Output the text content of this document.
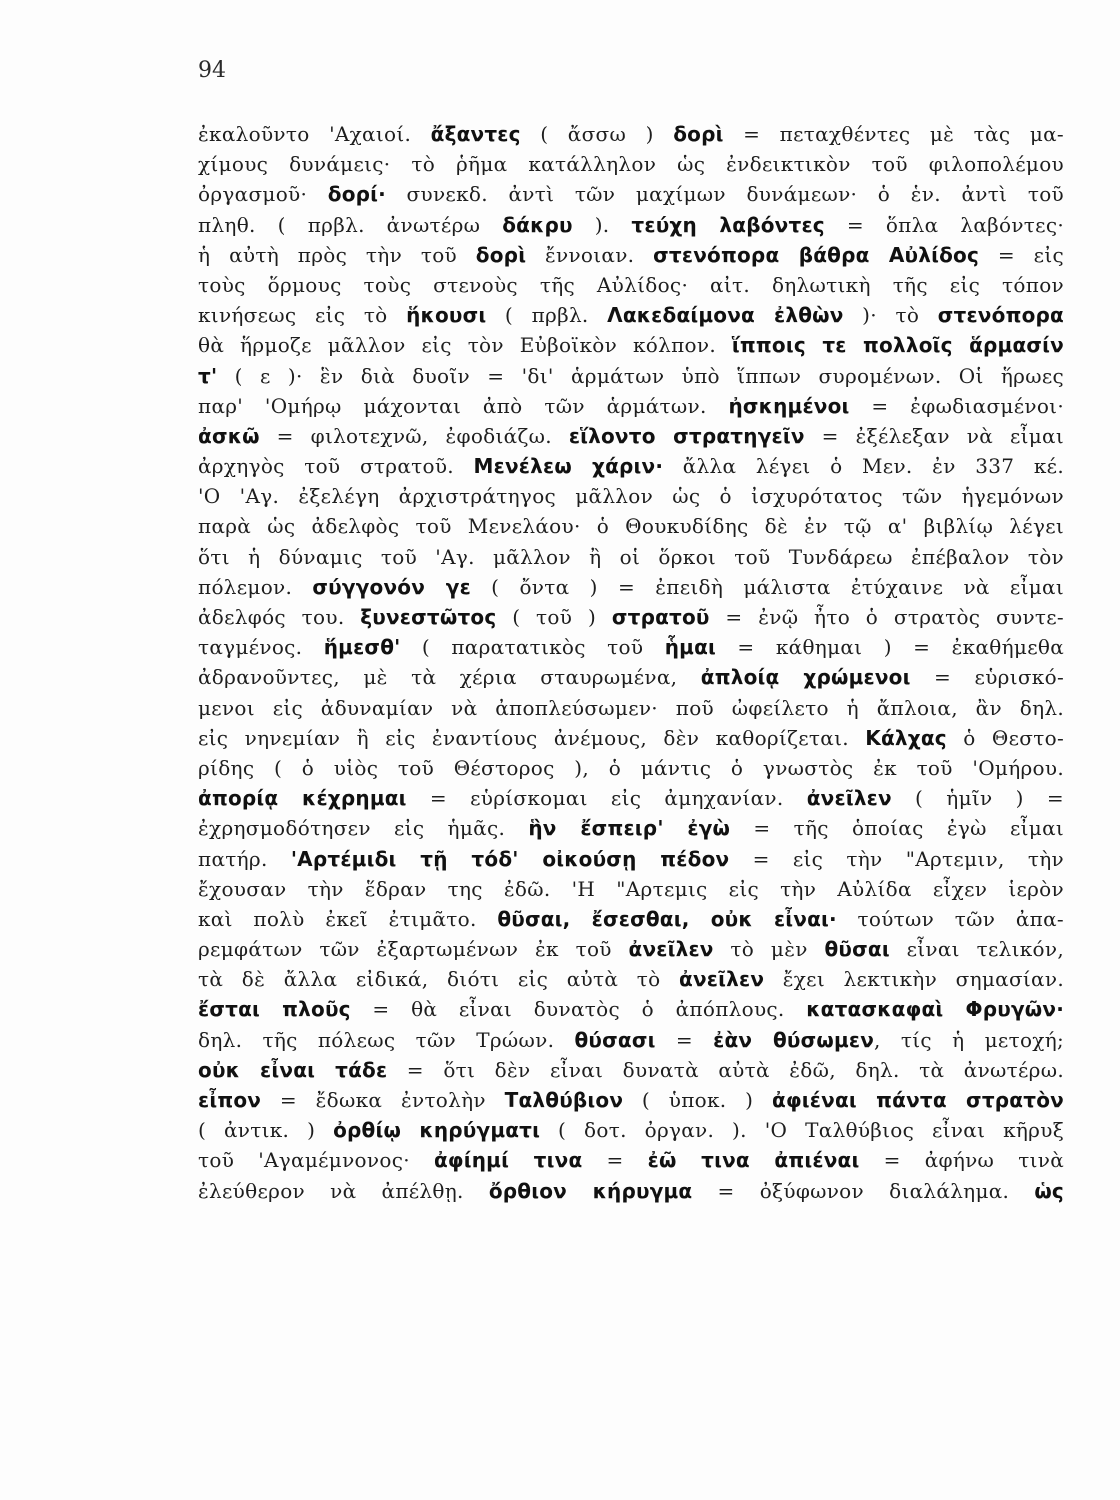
94
ἐκαλοῦντο 'Αχαιοί. ἄξαντες ( ἄσσω ) δορὶ = πεταχθέντες μὲ τὰς μα-
χίμους δυνάμεις· τὸ ῥῆμα κατάλληλον ὡς ἐνδεικτικὸν τοῦ φιλοπολέμου
ὀργασμοῦ· δορί· συνεκδ. ἀντὶ τῶν μαχίμων δυνάμεων· ὁ ἑν. ἀντὶ τοῦ
πληθ. ( πρβλ. ἀνωτέρω δάκρυ ). τεύχη λαβόντες = ὅπλα λαβόντες·
ἡ αὐτὴ πρὸς τὴν τοῦ δορὶ ἔννοιαν. στενόπορα βάθρα Αὐλίδος = εἰς
τοὺς ὅρμους τοὺς στενοὺς τῆς Αὐλίδος· αἰτ. δηλωτικὴ τῆς εἰς τόπον
κινήσεως εἰς τὸ ἥκουσι ( πρβλ. Λακεδαίμονα ἐλθὼν )· τὸ στενόπορα
θὰ ἥρμοζε μᾶλλον εἰς τὸν Εὐβοϊκὸν κόλπον. ἵπποις τε πολλοῖς ἅρμασίν
τ' ( ε )· ἓν διὰ δυοῖν = 'δι' ἁρμάτων ὑπὸ ἵππων συρομένων. Οἱ ἥρωες
παρ' 'Ομήρῳ μάχονται ἀπὸ τῶν ἁρμάτων. ἠσκημένοι = ἐφωδιασμένοι·
ἀσκῶ = φιλοτεχνῶ, ἐφοδιάζω. εἵλοντο στρατηγεῖν = ἐξέλεξαν νὰ εἶμαι
ἀρχηγὸς τοῦ στρατοῦ. Μενέλεω χάριν· ἄλλα λέγει ὁ Μεν. ἐν 337 κέ.
'Ο 'Αγ. ἐξελέγη ἀρχιστράτηγος μᾶλλον ὡς ὁ ἰσχυρότατος τῶν ἡγεμόνων
παρὰ ὡς ἀδελφὸς τοῦ Μενελάου· ὁ Θουκυδίδης δὲ ἐν τῷ α' βιβλίῳ λέγει
ὅτι ἡ δύναμις τοῦ 'Αγ. μᾶλλον ἢ οἱ ὅρκοι τοῦ Τυνδάρεω ἐπέβαλον τὸν
πόλεμον. σύγγονόν γε ( ὄντα ) = ἐπειδὴ μάλιστα ἐτύχαινε νὰ εἶμαι
ἀδελφός του. ξυνεστῶτος ( τοῦ ) στρατοῦ = ἐνῷ ἦτο ὁ στρατὸς συντε-
ταγμένος. ἥμεσθ' ( παρατατικὸς τοῦ ἧμαι = κάθημαι ) = ἐκαθήμεθα
ἀδρανοῦντες, μὲ τὰ χέρια σταυρωμένα, ἀπλοίᾳ χρώμενοι = εὑρισκό-
μενοι εἰς ἀδυναμίαν νὰ ἀποπλεύσωμεν· ποῦ ὠφείλετο ἡ ἄπλοια, ἂν δηλ.
εἰς νηνεμίαν ἢ εἰς ἐναντίους ἀνέμους, δὲν καθορίζεται. Κάλχας ὁ Θεστο-
ρίδης ( ὁ υἱὸς τοῦ Θέστορος ), ὁ μάντις ὁ γνωστὸς ἐκ τοῦ 'Ομήρου.
ἀπορίᾳ κέχρημαι = εὑρίσκομαι εἰς ἀμηχανίαν. ἀνεῖλεν ( ἡμῖν ) =
ἐχρησμοδότησεν εἰς ἡμᾶς. ἣν ἔσπειρ' ἐγὼ = τῆς ὁποίας ἐγὼ εἶμαι
πατήρ. 'Αρτέμιδι τῇ τόδ' οἰκούσῃ πέδον = εἰς τὴν "Αρτεμιν, τὴν
ἔχουσαν τὴν ἕδραν της ἐδῶ. 'Η "Αρτεμις εἰς τὴν Αὐλίδα εἶχεν ἱερὸν
καὶ πολὺ ἐκεῖ ἐτιμᾶτο. θῦσαι, ἔσεσθαι, οὐκ εἶναι· τούτων τῶν ἀπα-
ρεμφάτων τῶν ἐξαρτωμένων ἐκ τοῦ ἀνεῖλεν τὸ μὲν θῦσαι εἶναι τελικόν,
τὰ δὲ ἄλλα εἰδικά, διότι εἰς αὐτὰ τὸ ἀνεῖλεν ἔχει λεκτικὴν σημασίαν.
ἔσται πλοῦς = θὰ εἶναι δυνατὸς ὁ ἀπόπλους. κατασκαφαὶ Φρυγῶν·
δηλ. τῆς πόλεως τῶν Τρώων. θύσασι = ἐὰν θύσωμεν, τίς ἡ μετοχή;
οὐκ εἶναι τάδε = ὅτι δὲν εἶναι δυνατὰ αὐτὰ ἐδῶ, δηλ. τὰ ἀνωτέρω.
εἶπον = ἔδωκα ἐντολὴν Ταλθύβιον ( ὑποκ. ) ἀφιέναι πάντα στρατὸν
( ἀντικ. ) ὀρθίῳ κηρύγματι ( δοτ. ὀργαν. ). 'Ο Ταλθύβιος εἶναι κῆρυξ
τοῦ 'Αγαμέμνονος· ἀφίημί τινα = ἐῶ τινα ἀπιέναι = ἀφήνω τινὰ
ἐλεύθερον νὰ ἀπέλθῃ. ὄρθιον κήρυγμα = ὀξύφωνον διαλάλημα. ὡς
